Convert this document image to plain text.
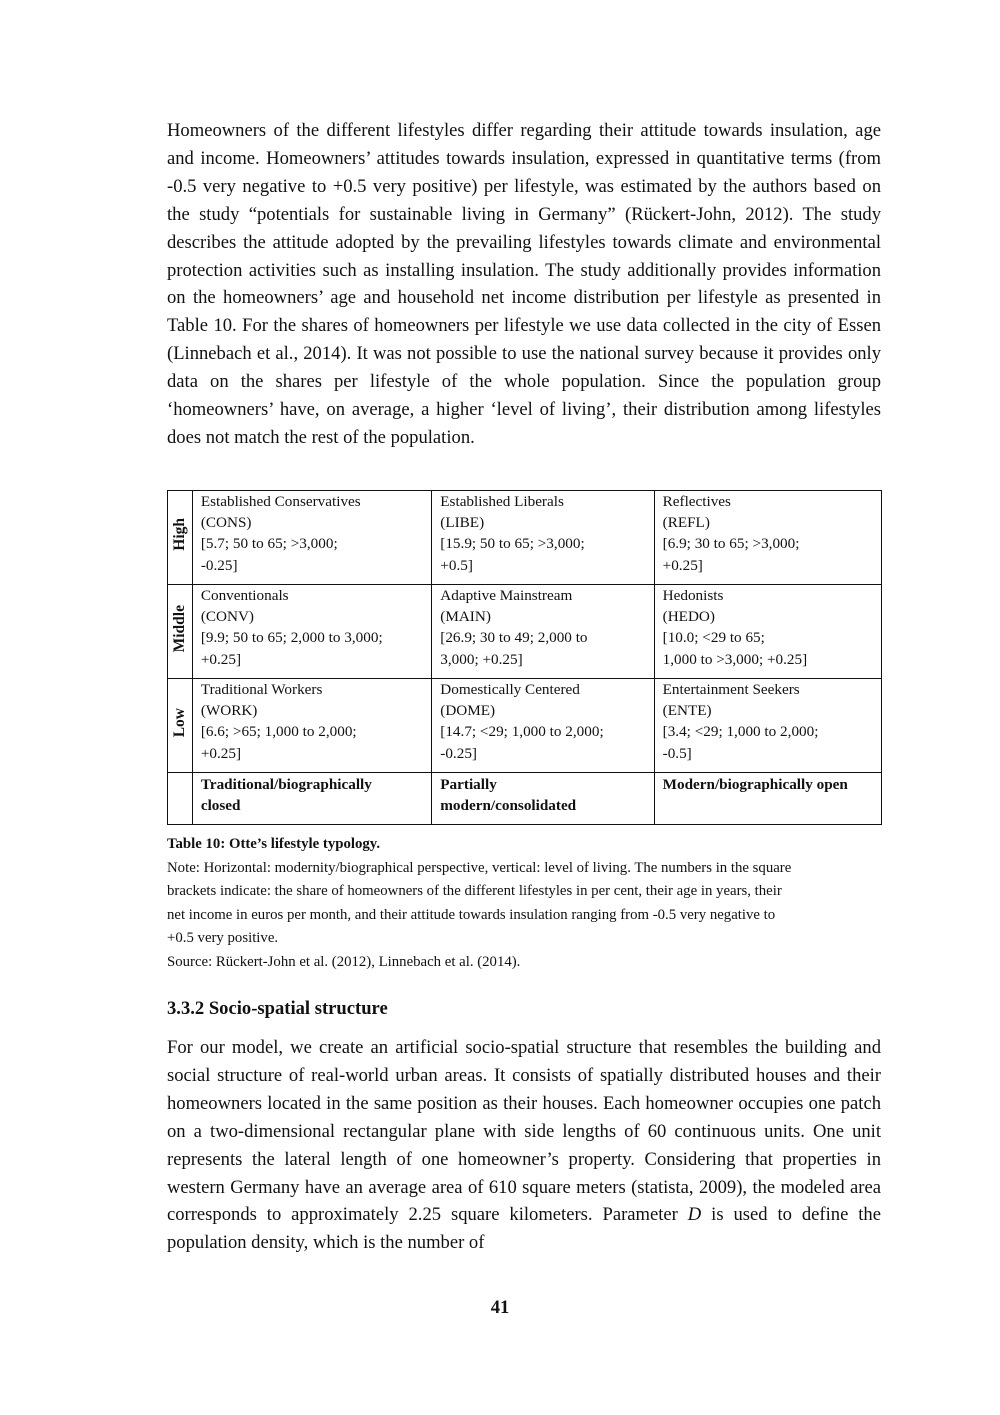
Homeowners of the different lifestyles differ regarding their attitude towards insulation, age and income. Homeowners’ attitudes towards insulation, expressed in quantitative terms (from -0.5 very negative to +0.5 very positive) per lifestyle, was estimated by the authors based on the study “potentials for sustainable living in Germany” (Rückert-John, 2012). The study describes the attitude adopted by the prevailing lifestyles towards climate and environmental protection activities such as installing insulation. The study additionally provides information on the homeowners’ age and household net income distribution per lifestyle as presented in Table 10. For the shares of homeowners per lifestyle we use data collected in the city of Essen (Linnebach et al., 2014). It was not possible to use the national survey because it provides only data on the shares per lifestyle of the whole population. Since the population group ‘homeowners’ have, on average, a higher ‘level of living’, their distribution among lifestyles does not match the rest of the population.

High	Established Conservatives
(CONS)
[5.7; 50 to 65; >3,000;
-0.25]	Established Liberals
(LIBE)
[15.9; 50 to 65; >3,000;
+0.5]	Reflectives
(REFL)
[6.9; 30 to 65; >3,000;
+0.25]

Middle	Conventionals
(CONV)
[9.9; 50 to 65; 2,000 to 3,000;
+0.25]	Adaptive Mainstream
(MAIN)
[26.9; 30 to 49; 2,000 to
3,000; +0.25]	Hedonists
(HEDO)
[10.0; <29 to 65;
1,000 to >3,000; +0.25]

Low	Traditional Workers
(WORK)
[6.6; >65; 1,000 to 2,000;
+0.25]	Domestically Centered
(DOME)
[14.7; <29; 1,000 to 2,000;
-0.25]	Entertainment Seekers
(ENTE)
[3.4; <29; 1,000 to 2,000;
-0.5]

	Traditional/biographically
closed	Partially
modern/consolidated	Modern/biographically open
Table 10: Otte’s lifestyle typology.
Note: Horizontal: modernity/biographical perspective, vertical: level of living. The numbers in the square
brackets indicate: the share of homeowners of the different lifestyles in per cent, their age in years, their
net income in euros per month, and their attitude towards insulation ranging from -0.5 very negative to
+0.5 very positive.
Source: Rückert-John et al. (2012), Linnebach et al. (2014).
3.3.2 Socio-spatial structure

For our model, we create an artificial socio-spatial structure that resembles the building and social structure of real-world urban areas. It consists of spatially distributed houses and their homeowners located in the same position as their houses. Each homeowner occupies one patch on a two-dimensional rectangular plane with side lengths of 60 continuous units. One unit represents the lateral length of one homeowner’s property. Considering that properties in western Germany have an average area of 610 square meters (statista, 2009), the modeled area corresponds to approximately 2.25 square kilometers. Parameter D is used to define the population density, which is the number of

41
